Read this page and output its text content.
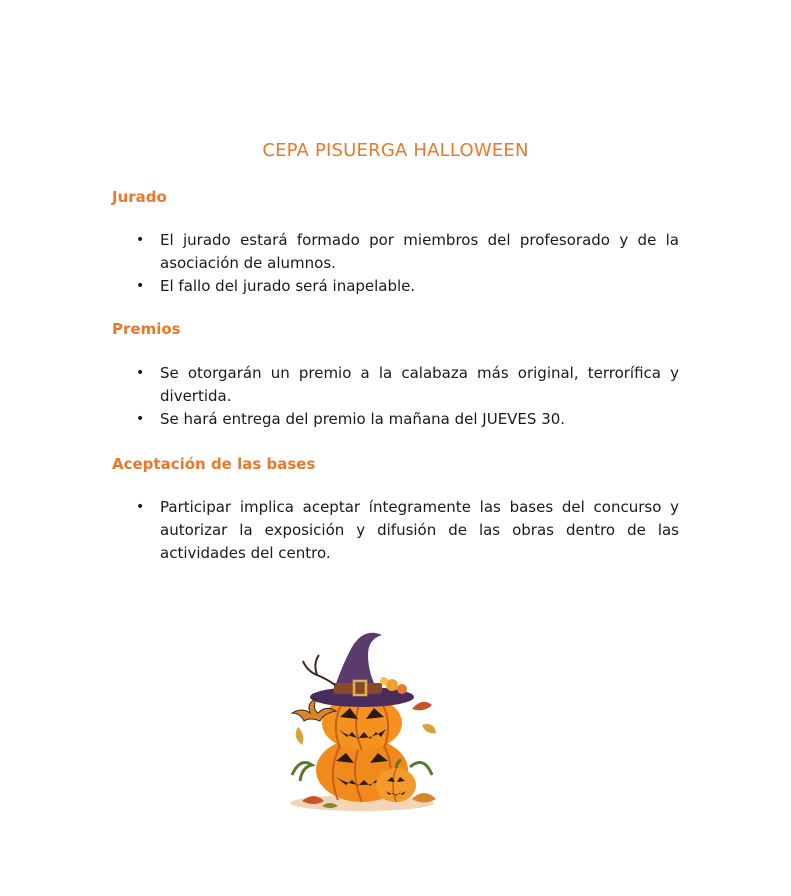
CEPA PISUERGA HALLOWEEN
Jurado
• El jurado estará formado por miembros del profesorado y de la asociación de alumnos.
• El fallo del jurado será inapelable.
Premios
• Se otorgarán un premio a la calabaza más original, terrorífica y divertida.
• Se hará entrega del premio la mañana del JUEVES 30.
Aceptación de las bases
• Participar implica aceptar íntegramente las bases del concurso y autorizar la exposición y difusión de las obras dentro de las actividades del centro.
